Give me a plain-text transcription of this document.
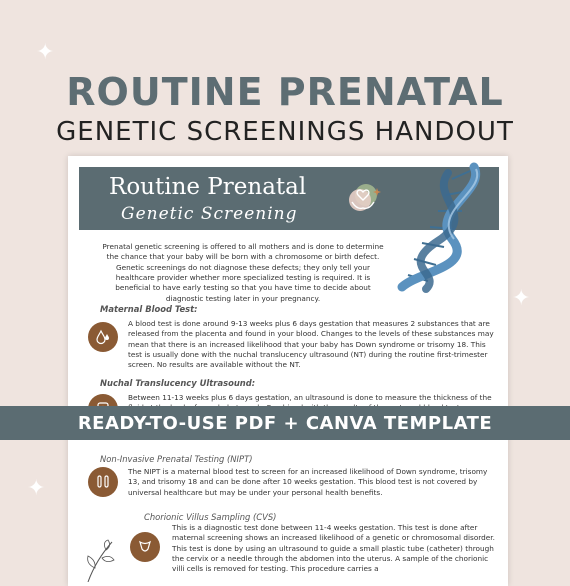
✦
✦
✦
ROUTINE PRENATAL
GENETIC SCREENINGS HANDOUT
Routine Prenatal
Genetic Screening
Prenatal genetic screening is offered to all mothers and is done to determine the chance that your baby will be born with a chromosome or birth defect. Genetic screenings do not diagnose these defects; they only tell your healthcare provider whether more specialized testing is required. It is beneficial to have early testing so that you have time to decide about diagnostic testing later in your pregnancy.
Maternal Blood Test:
A blood test is done around 9-13 weeks plus 6 days gestation that measures 2 substances that are released from the placenta and found in your blood. Changes to the levels of these substances may mean that there is an increased likelihood that your baby has Down syndrome or trisomy 18. This test is usually done with the nuchal translucency ultrasound (NT) during the routine first-trimester screen. No results are available without the NT.
Nuchal Translucency Ultrasound:
Between 11-13 weeks plus 6 days gestation, an ultrasound is done to measure the thickness of the
Non-Invasive Prenatal Testing (NIPT)
The NIPT is a maternal blood test to screen for an increased likelihood of Down syndrome, trisomy 13, and trisomy 18 and can be done after 10 weeks gestation. This blood test is not covered by universal healthcare but may be under your personal health benefits.
Chorionic Villus Sampling (CVS)
This is a diagnostic test done between 11-4 weeks gestation. This test is done after maternal screening shows an increased likelihood of a genetic or chromosomal disorder. This test is done by using an ultrasound to guide a small plastic tube (catheter) through the cervix or a needle through the abdomen into the uterus. A sample of the chorionic villi cells is removed for testing. This procedure carries a
READY-TO-USE PDF + CANVA TEMPLATE
